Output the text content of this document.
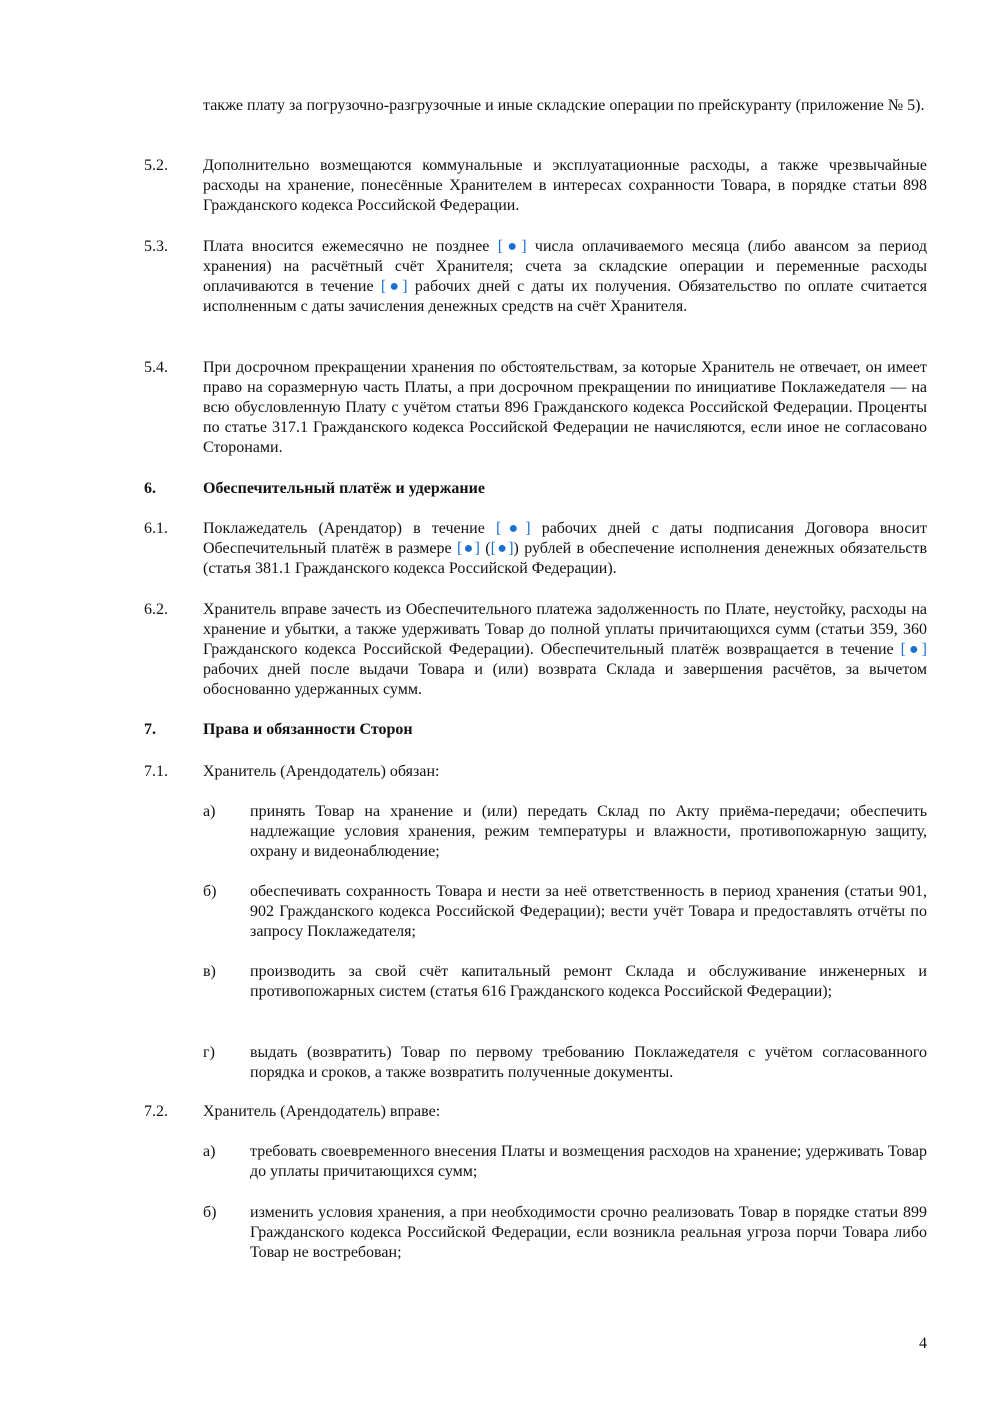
также плату за погрузочно-разгрузочные и иные складские операции по прейскуранту (приложение № 5).

5.2. Дополнительно возмещаются коммунальные и эксплуатационные расходы, а также чрезвычайные расходы на хранение, понесённые Хранителем в интересах сохранности Товара, в порядке статьи 898 Гражданского кодекса Российской Федерации.

5.3. Плата вносится ежемесячно не позднее [●] числа оплачиваемого месяца (либо авансом за период хранения) на расчётный счёт Хранителя; счета за складские операции и переменные расходы оплачиваются в течение [●] рабочих дней с даты их получения. Обязательство по оплате считается исполненным с даты зачисления денежных средств на счёт Хранителя.

5.4. При досрочном прекращении хранения по обстоятельствам, за которые Хранитель не отвечает, он имеет право на соразмерную часть Платы, а при досрочном прекращении по инициативе Поклажедателя — на всю обусловленную Плату с учётом статьи 896 Гражданского кодекса Российской Федерации. Проценты по статье 317.1 Гражданского кодекса Российской Федерации не начисляются, если иное не согласовано Сторонами.

6.	Обеспечительный платёж и удержание

6.1. Поклажедатель (Арендатор) в течение [●] рабочих дней с даты подписания Договора вносит Обеспечительный платёж в размере [●] ([●]) рублей в обеспечение исполнения денежных обязательств (статья 381.1 Гражданского кодекса Российской Федерации).

6.2. Хранитель вправе зачесть из Обеспечительного платежа задолженность по Плате, неустойку, расходы на хранение и убытки, а также удерживать Товар до полной уплаты причитающихся сумм (статьи 359, 360 Гражданского кодекса Российской Федерации). Обеспечительный платёж возвращается в течение [●] рабочих дней после выдачи Товара и (или) возврата Склада и завершения расчётов, за вычетом обоснованно удержанных сумм.

7.	Права и обязанности Сторон

7.1. Хранитель (Арендодатель) обязан:

а) принять Товар на хранение и (или) передать Склад по Акту приёма-передачи; обеспечить надлежащие условия хранения, режим температуры и влажности, противопожарную защиту, охрану и видеонаблюдение;

б) обеспечивать сохранность Товара и нести за неё ответственность в период хранения (статьи 901, 902 Гражданского кодекса Российской Федерации); вести учёт Товара и предоставлять отчёты по запросу Поклажедателя;

в) производить за свой счёт капитальный ремонт Склада и обслуживание инженерных и противопожарных систем (статья 616 Гражданского кодекса Российской Федерации);

г) выдать (возвратить) Товар по первому требованию Поклажедателя с учётом согласованного порядка и сроков, а также возвратить полученные документы.

7.2. Хранитель (Арендодатель) вправе:

а) требовать своевременного внесения Платы и возмещения расходов на хранение; удерживать Товар до уплаты причитающихся сумм;

б) изменить условия хранения, а при необходимости срочно реализовать Товар в порядке статьи 899 Гражданского кодекса Российской Федерации, если возникла реальная угроза порчи Товара либо Товар не востребован;

4
